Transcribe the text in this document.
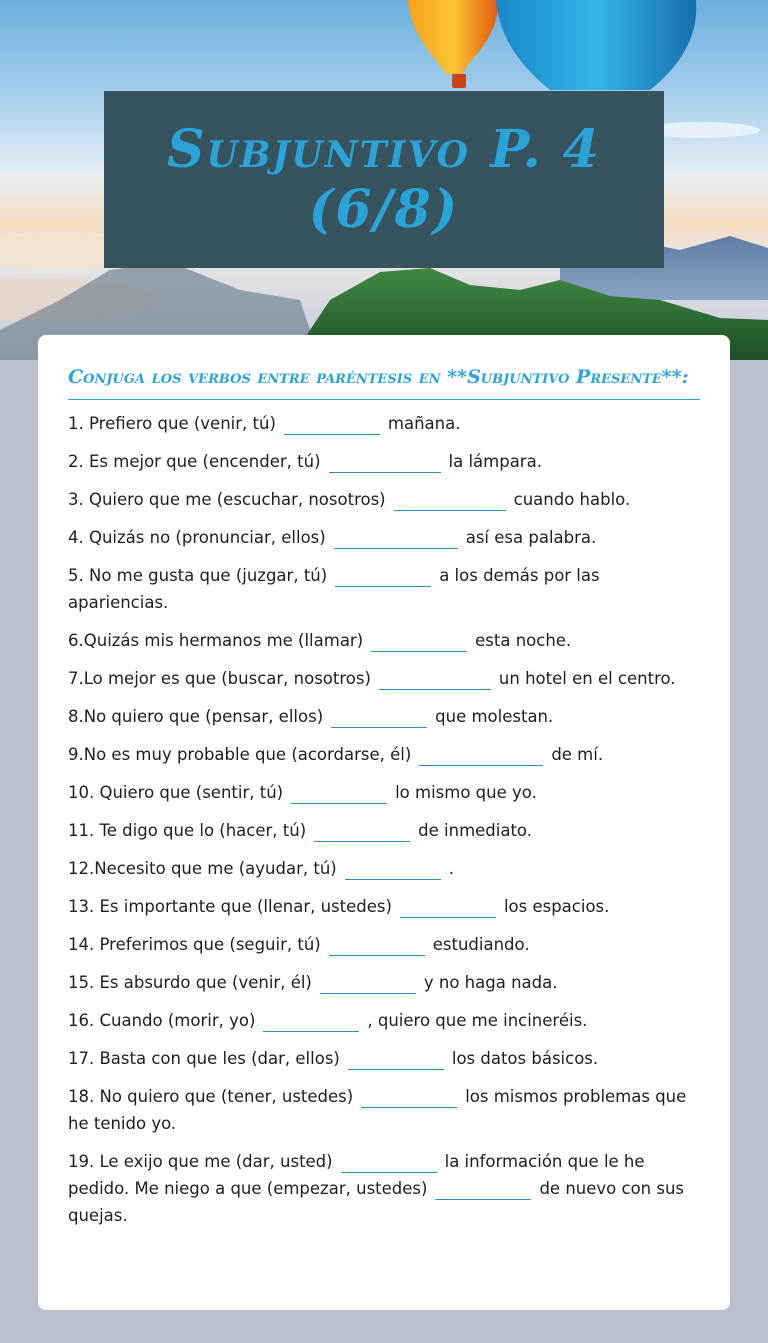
Subjuntivo P. 4 (6/8)

Conjuga los verbos entre paréntesis en **Subjuntivo Presente**:

1. Prefiero que (venir, tú)	mañana.
2. Es mejor que (encender, tú)	la lámpara.
3. Quiero que me (escuchar, nosotros)	cuando hablo.
4. Quizás no (pronunciar, ellos)	así esa palabra.
5. No me gusta que (juzgar, tú)	a los demás por las apariencias.
6.Quizás mis hermanos me (llamar)	esta noche.
7.Lo mejor es que (buscar, nosotros)	un hotel en el centro.
8.No quiero que (pensar, ellos)	que molestan.
9.No es muy probable que (acordarse, él)	de mí.
10. Quiero que (sentir, tú)	lo mismo que yo.
11. Te digo que lo (hacer, tú)	de inmediato.
12.Necesito que me (ayudar, tú)	.
13. Es importante que (llenar, ustedes)	los espacios.
14. Preferimos que (seguir, tú)	estudiando.
15. Es absurdo que (venir, él)	y no haga nada.
16. Cuando (morir, yo)	, quiero que me incineréis.
17. Basta con que les (dar, ellos)	los datos básicos.
18. No quiero que (tener, ustedes)	los mismos problemas que he tenido yo.
19. Le exijo que me (dar, usted)	la información que le he pedido. Me niego a que (empezar, ustedes)	de nuevo con sus quejas.
